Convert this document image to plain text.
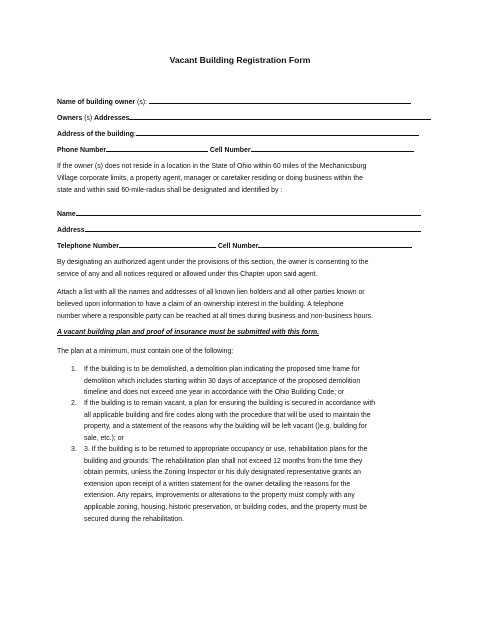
Vacant Building Registration Form
Name of building owner (s):
Owners (s) Addresses
Address of the building:
Phone Number	Cell Number
If the owner (s) does not reside in a location in the State of Ohio within 60 miles of the Mechanicsburg
Village corporate limits, a property agent, manager or caretaker residing or doing business within the
state and within said 60-mile-radius shall be designated and identified by :
Name
Address
Telephone Number	Cell Number
By designating an authorized agent under the provisions of this section, the owner is consenting to the
service of any and all notices required or allowed under this Chapter upon said agent.
Attach a list with all the names and addresses of all known lien holders and all other parties known or
believed upon information to have a claim of an ownership interest in the building. A telephone
number where a responsible party can be reached at all times during business and non-business hours.
A vacant building plan and proof of insurance must be submitted with this form.
The plan at a minimum, must contain one of the following:
1. If the building is to be demolished, a demolition plan indicating the proposed time frame for
demolition which includes starting within 30 days of acceptance of the proposed demolition
timeline and does not exceed one year in accordance with the Ohio Building Code; or
2. If the building is to remain vacant, a plan for ensuring the building is secured in accordance with
all applicable building and fire codes along with the procedure that will be used to maintain the
property, and a statement of the reasons why the building will be left vacant ()e.g. building for
sale, etc.); or
3. 3. If the building is to be returned to appropriate occupancy or use, rehabilitation plans for the
building and grounds. The rehabilitation plan shall not exceed 12 months from the time they
obtain permits, unless the Zoning Inspector or his duly designated representative grants an
extension upon receipt of a written statement for the owner detailing the reasons for the
extension. Any repairs, improvements or alterations to the property must comply with any
applicable zoning, housing, historic preservation, or building codes, and the property must be
secured during the rehabilitation.
